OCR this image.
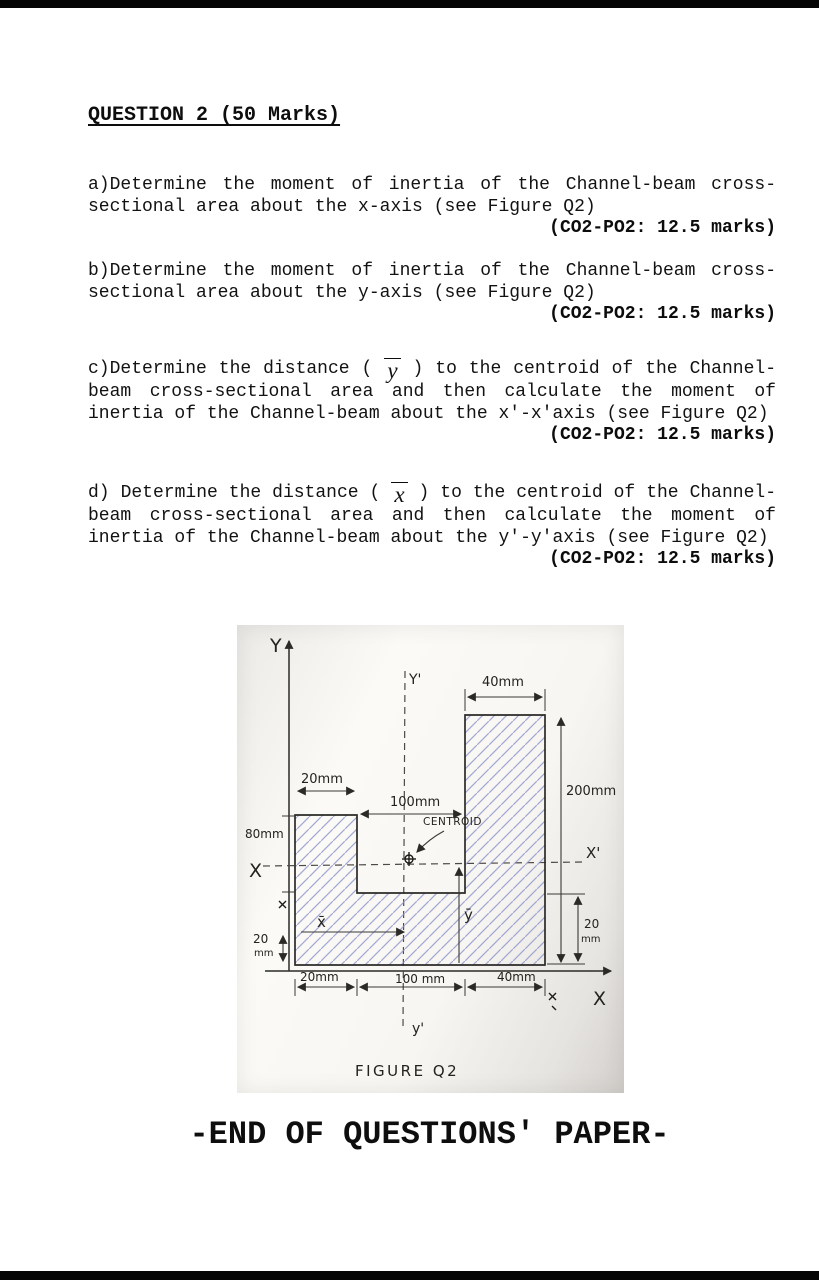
QUESTION 2 (50 Marks)

a)Determine the moment of inertia of the Channel-beam cross-sectional area about the x-axis (see Figure Q2)

(CO2-PO2: 12.5 marks)

b)Determine the moment of inertia of the Channel-beam cross-sectional area about the y-axis (see Figure Q2)

(CO2-PO2: 12.5 marks)

c)Determine the distance ( y ) to the centroid of the Channel-beam cross-sectional area and then calculate the moment of inertia of the Channel-beam about the x'-x'axis (see Figure Q2)

(CO2-PO2: 12.5 marks)

d) Determine the distance ( x ) to the centroid of the Channel-beam cross-sectional area and then calculate the moment of inertia of the Channel-beam about the y'-y'axis (see Figure Q2)

(CO2-PO2: 12.5 marks)

Y
X
X'
X
Y'
y'
40mm
200mm
20mm
100mm
80mm
CENTROID
x̄	ȳ
20
mm
20
mm
20mm	100 mm	40mm
FIGURE Q2
-END OF QUESTIONS' PAPER-
